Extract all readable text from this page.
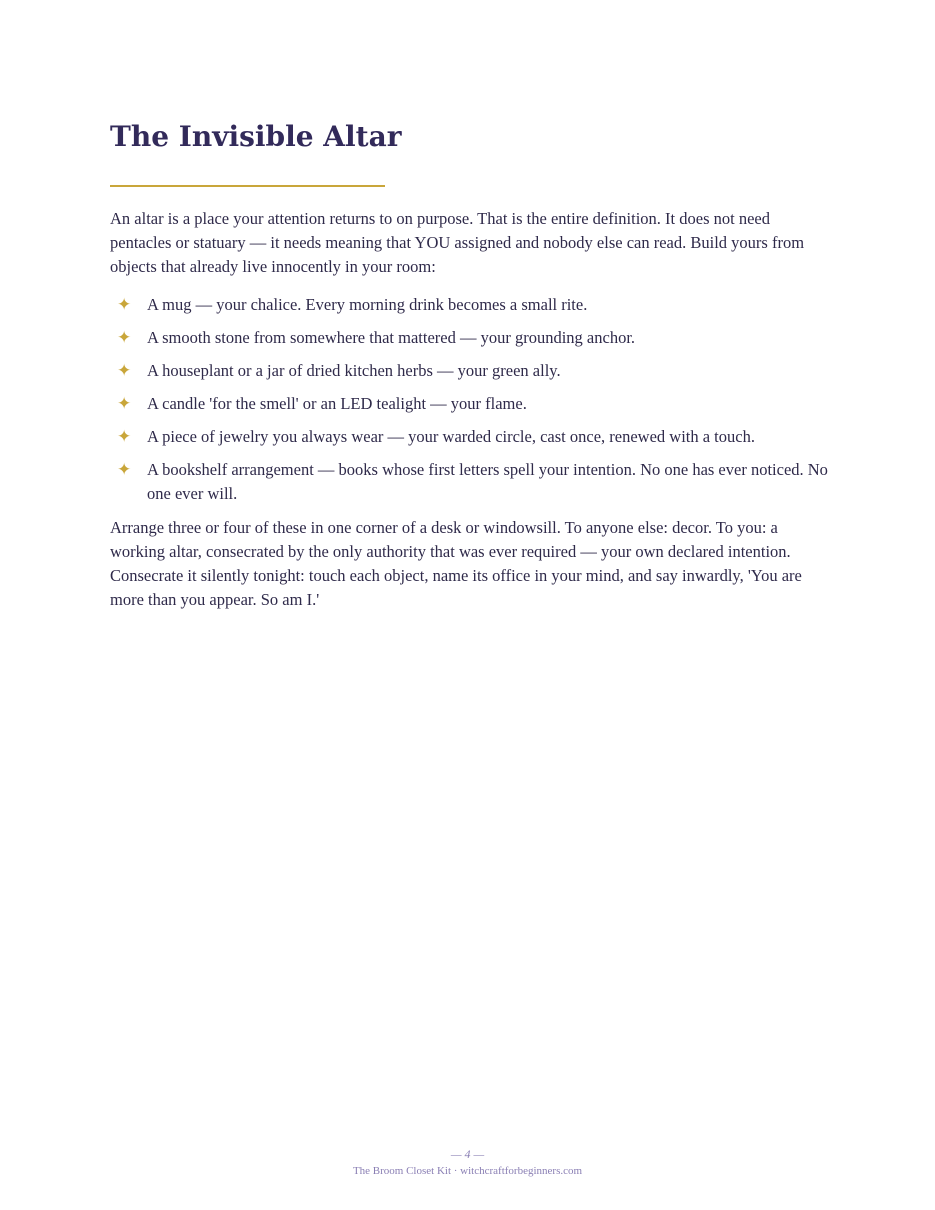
The Invisible Altar

An altar is a place your attention returns to on purpose. That is the entire definition. It does not need pentacles or statuary — it needs meaning that YOU assigned and nobody else can read. Build yours from objects that already live innocently in your room:

✦ A mug — your chalice. Every morning drink becomes a small rite.
✦ A smooth stone from somewhere that mattered — your grounding anchor.
✦ A houseplant or a jar of dried kitchen herbs — your green ally.
✦ A candle 'for the smell' or an LED tealight — your flame.
✦ A piece of jewelry you always wear — your warded circle, cast once, renewed with a touch.
✦ A bookshelf arrangement — books whose first letters spell your intention. No one has ever noticed. No one ever will.

Arrange three or four of these in one corner of a desk or windowsill. To anyone else: decor. To you: a working altar, consecrated by the only authority that was ever required — your own declared intention. Consecrate it silently tonight: touch each object, name its office in your mind, and say inwardly, 'You are more than you appear. So am I.'

— 4 —
The Broom Closet Kit · witchcraftforbeginners.com
